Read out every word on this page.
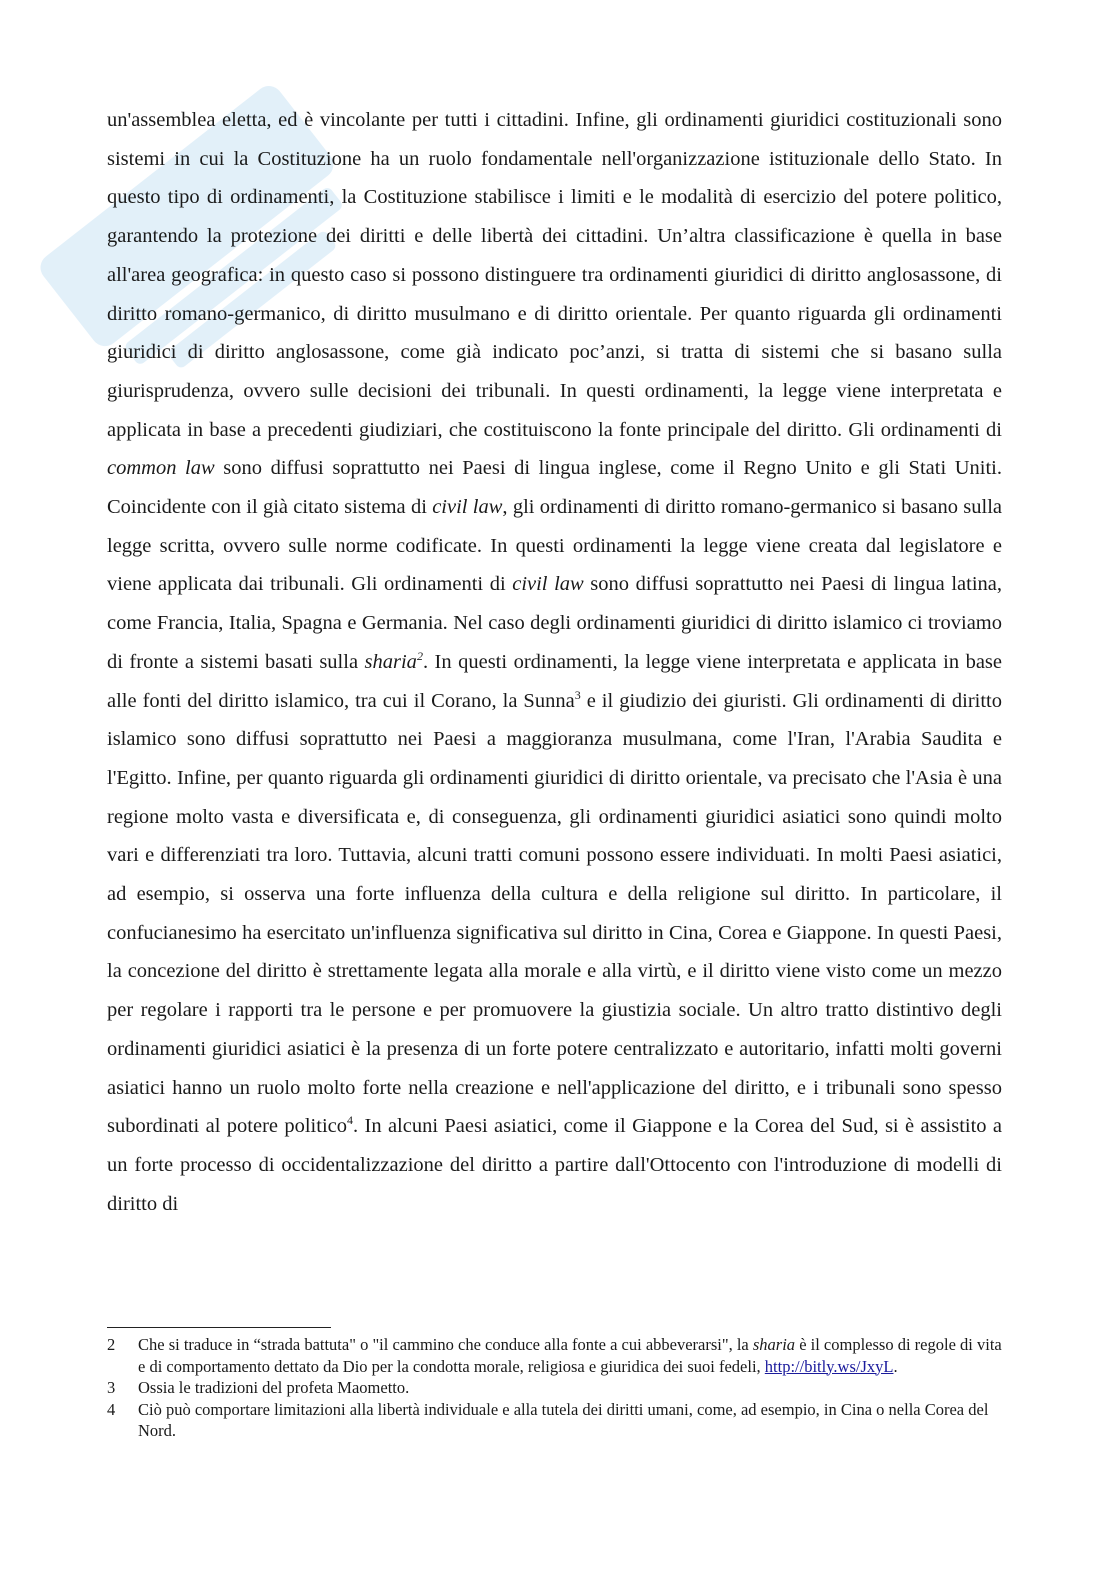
un'assemblea eletta, ed è vincolante per tutti i cittadini. Infine, gli ordinamenti giuridici costituzionali sono sistemi in cui la Costituzione ha un ruolo fondamentale nell'organizzazione istituzionale dello Stato. In questo tipo di ordinamenti, la Costituzione stabilisce i limiti e le modalità di esercizio del potere politico, garantendo la protezione dei diritti e delle libertà dei cittadini. Un’altra classificazione è quella in base all'area geografica: in questo caso si possono distinguere tra ordinamenti giuridici di diritto anglosassone, di diritto romano-germanico, di diritto musulmano e di diritto orientale. Per quanto riguarda gli ordinamenti giuridici di diritto anglosassone, come già indicato poc’anzi, si tratta di sistemi che si basano sulla giurisprudenza, ovvero sulle decisioni dei tribunali. In questi ordinamenti, la legge viene interpretata e applicata in base a precedenti giudiziari, che costituiscono la fonte principale del diritto. Gli ordinamenti di common law sono diffusi soprattutto nei Paesi di lingua inglese, come il Regno Unito e gli Stati Uniti. Coincidente con il già citato sistema di civil law, gli ordinamenti di diritto romano-germanico si basano sulla legge scritta, ovvero sulle norme codificate. In questi ordinamenti la legge viene creata dal legislatore e viene applicata dai tribunali. Gli ordinamenti di civil law sono diffusi soprattutto nei Paesi di lingua latina, come Francia, Italia, Spagna e Germania. Nel caso degli ordinamenti giuridici di diritto islamico ci troviamo di fronte a sistemi basati sulla sharia$^2$. In questi ordinamenti, la legge viene interpretata e applicata in base alle fonti del diritto islamico, tra cui il Corano, la Sunna$^3$ e il giudizio dei giuristi. Gli ordinamenti di diritto islamico sono diffusi soprattutto nei Paesi a maggioranza musulmana, come l'Iran, l'Arabia Saudita e l'Egitto. Infine, per quanto riguarda gli ordinamenti giuridici di diritto orientale, va precisato che l'Asia è una regione molto vasta e diversificata e, di conseguenza, gli ordinamenti giuridici asiatici sono quindi molto vari e differenziati tra loro. Tuttavia, alcuni tratti comuni possono essere individuati. In molti Paesi asiatici, ad esempio, si osserva una forte influenza della cultura e della religione sul diritto. In particolare, il confucianesimo ha esercitato un'influenza significativa sul diritto in Cina, Corea e Giappone. In questi Paesi, la concezione del diritto è strettamente legata alla morale e alla virtù, e il diritto viene visto come un mezzo per regolare i rapporti tra le persone e per promuovere la giustizia sociale. Un altro tratto distintivo degli ordinamenti giuridici asiatici è la presenza di un forte potere centralizzato e autoritario, infatti molti governi asiatici hanno un ruolo molto forte nella creazione e nell'applicazione del diritto, e i tribunali sono spesso subordinati al potere politico$^4$. In alcuni Paesi asiatici, come il Giappone e la Corea del Sud, si è assistito a un forte processo di occidentalizzazione del diritto a partire dall'Ottocento con l'introduzione di modelli di diritto di

2 Che si traduce in “strada battuta" o "il cammino che conduce alla fonte a cui abbeverarsi", la sharia è il complesso di regole di vita e di comportamento dettato da Dio per la condotta morale, religiosa e giuridica dei suoi fedeli, http://bitly.ws/JxyL.
3 Ossia le tradizioni del profeta Maometto.
4 Ciò può comportare limitazioni alla libertà individuale e alla tutela dei diritti umani, come, ad esempio, in Cina o nella Corea del Nord.
